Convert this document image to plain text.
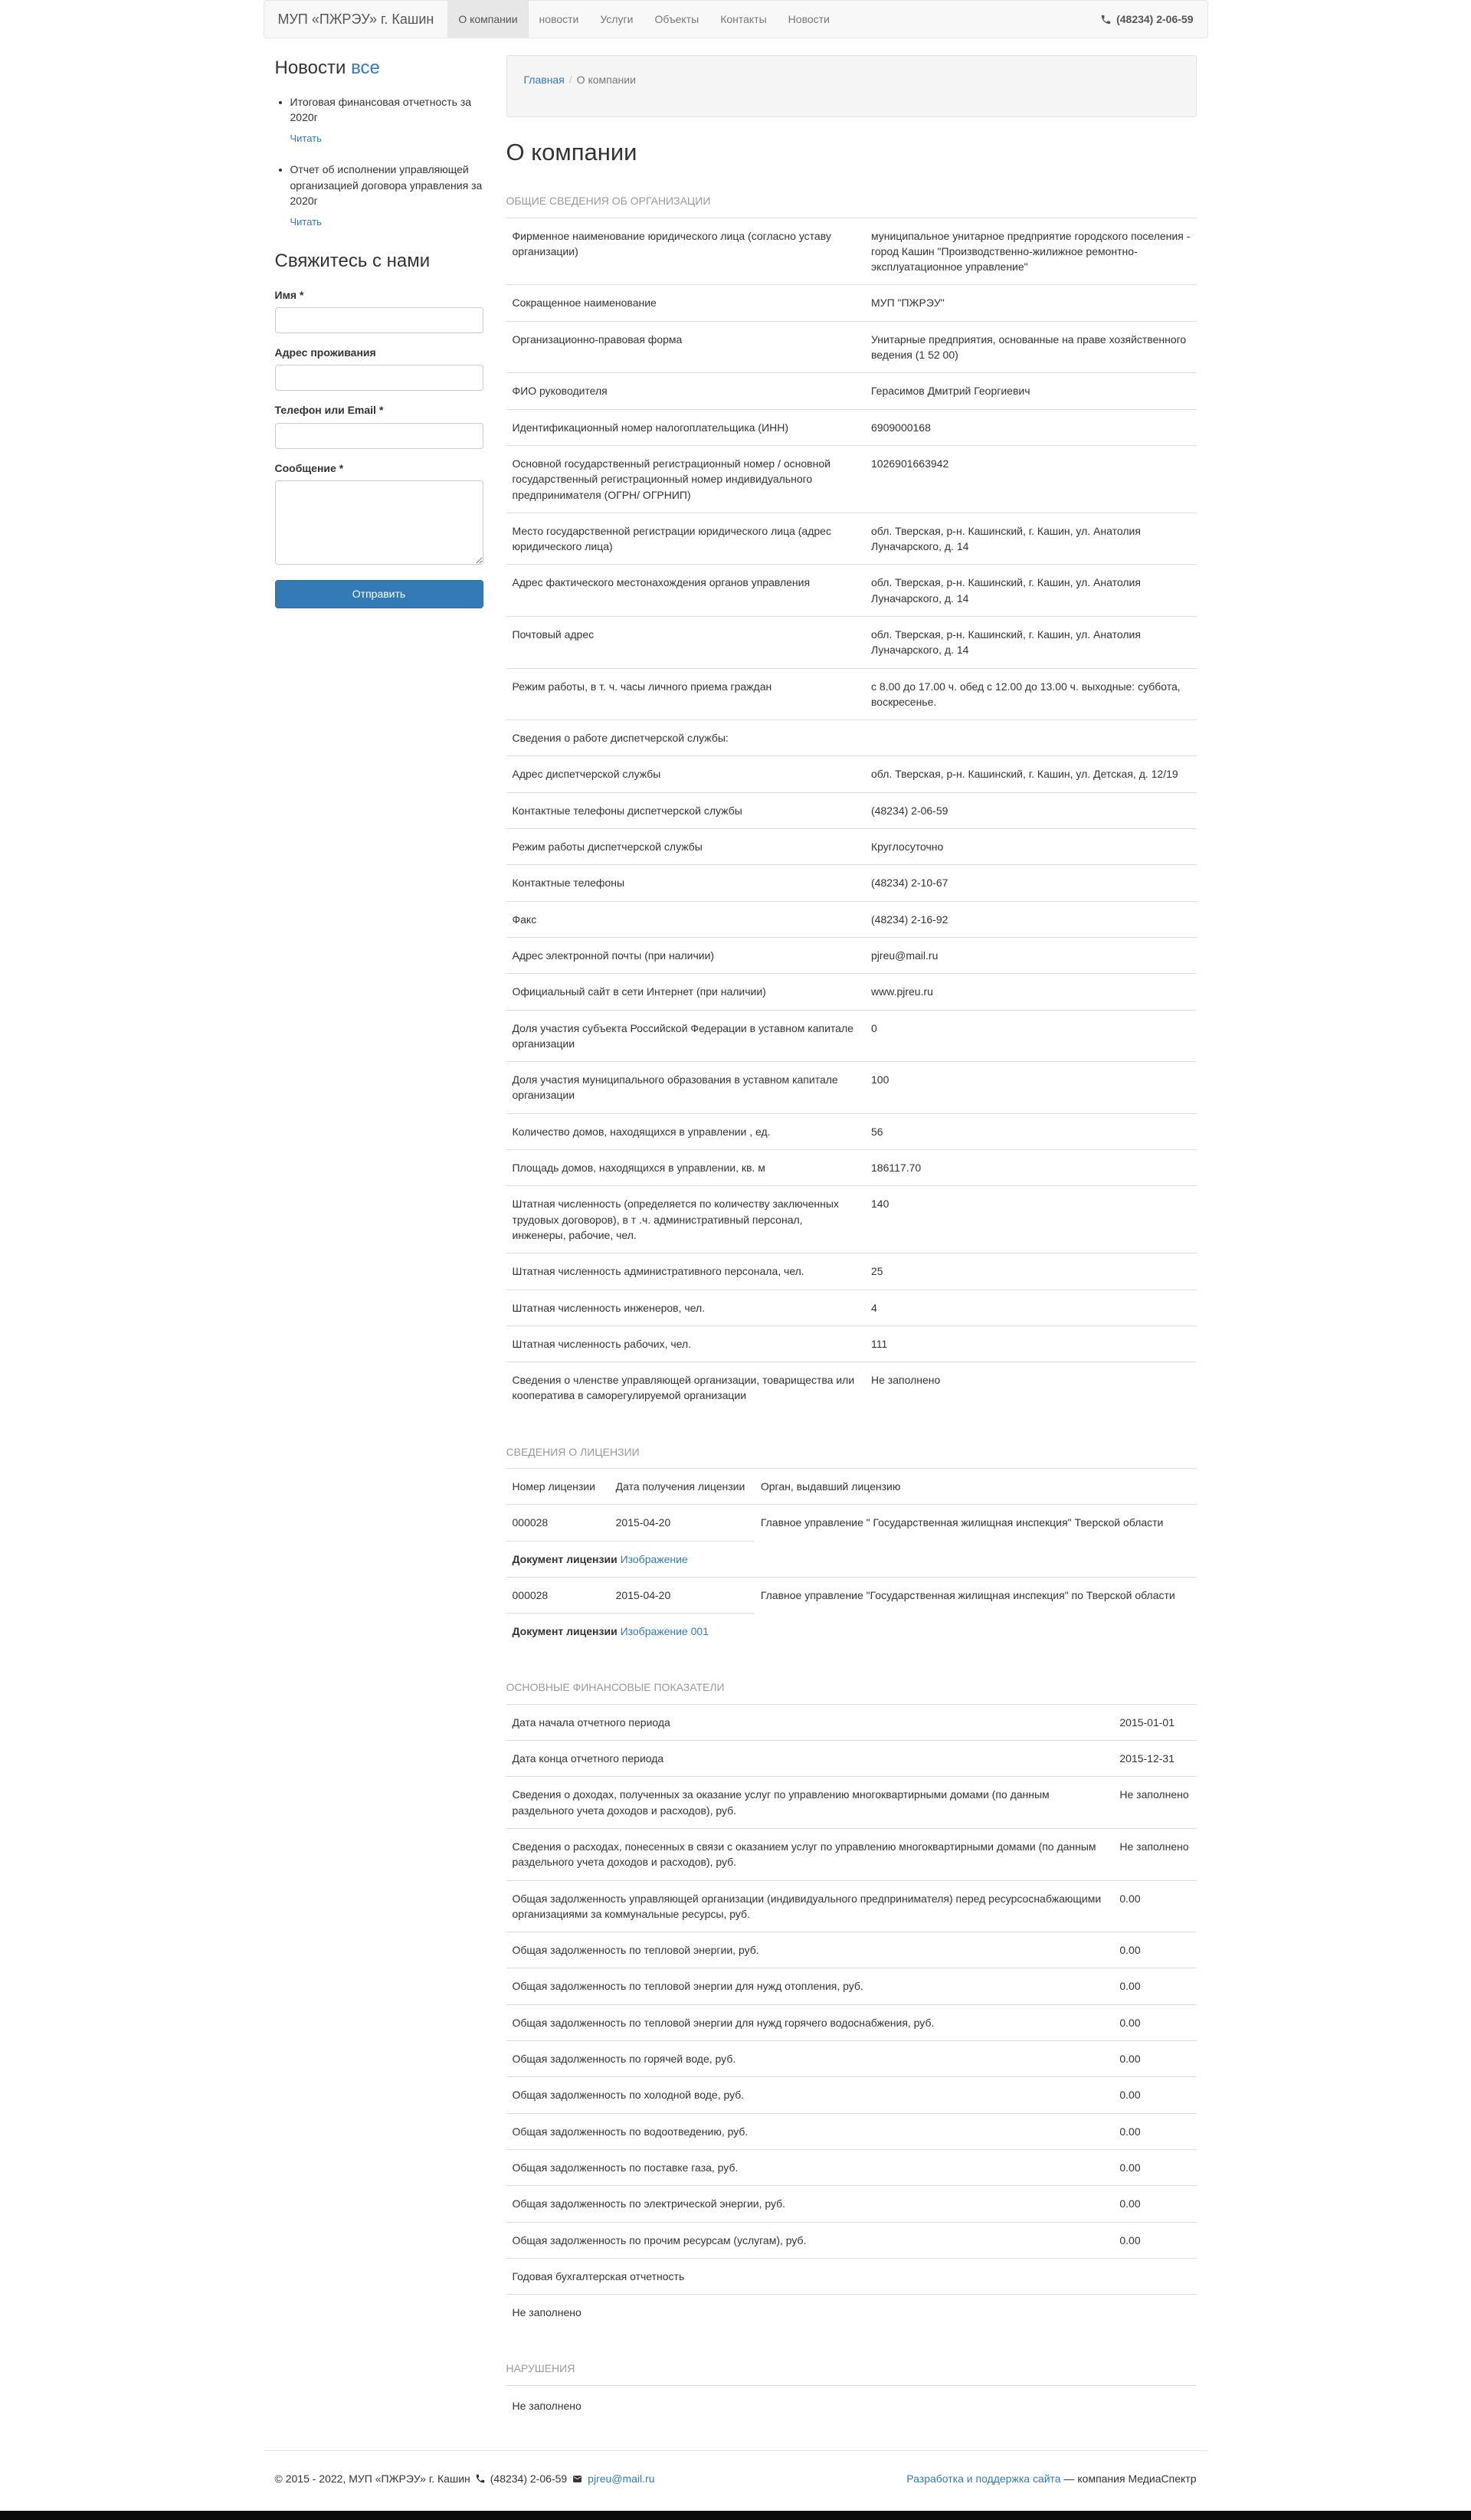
МУП «ПЖРЭУ» г. Кашин	О компании	новости	Услуги	Объекты	Контакты	Новости	(48234) 2-06-59
Новости все

• Итоговая финансовая отчетность за 2020г

Читать

• Отчет об исполнении управляющей организацией договора управления за 2020г

Читать
Свяжитесь с нами
Имя *
Адрес проживания
Телефон или Email *
Сообщение *
Отправить
Главная / О компании
О компании
ОБЩИЕ СВЕДЕНИЯ ОБ ОРГАНИЗАЦИИ
Фирменное наименование юридического лица (согласно уставу организации)	муниципальное унитарное предприятие городского поселения - город Кашин "Производственно-жилижное ремонтно-эксплуатационное управление"
Сокращенное наименование	МУП "ПЖРЭУ"
Организационно-правовая форма	Унитарные предприятия, основанные на праве хозяйственного ведения (1 52 00)
ФИО руководителя	Герасимов Дмитрий Георгиевич
Идентификационный номер налогоплательщика (ИНН)	6909000168
Основной государственный регистрационный номер / основной государственный регистрационный номер индивидуального предпринимателя (ОГРН/ ОГРНИП)	1026901663942
Место государственной регистрации юридического лица (адрес юридического лица)	обл. Тверская, р-н. Кашинский, г. Кашин, ул. Анатолия Луначарского, д. 14
Адрес фактического местонахождения органов управления	обл. Тверская, р-н. Кашинский, г. Кашин, ул. Анатолия Луначарского, д. 14
Почтовый адрес	обл. Тверская, р-н. Кашинский, г. Кашин, ул. Анатолия Луначарского, д. 14
Режим работы, в т. ч. часы личного приема граждан	с 8.00 до 17.00 ч. обед с 12.00 до 13.00 ч. выходные: суббота, воскресенье.
Сведения о работе диспетчерской службы:	
Адрес диспетчерской службы	обл. Тверская, р-н. Кашинский, г. Кашин, ул. Детская, д. 12/19
Контактные телефоны диспетчерской службы	(48234) 2-06-59
Режим работы диспетчерской службы	Круглосуточно
Контактные телефоны	(48234) 2-10-67
Факс	(48234) 2-16-92
Адрес электронной почты (при наличии)	pjreu@mail.ru
Официальный сайт в сети Интернет (при наличии)	www.pjreu.ru
Доля участия субъекта Российской Федерации в уставном капитале организации	0
Доля участия муниципального образования в уставном капитале организации	100
Количество домов, находящихся в управлении , ед.	56
Площадь домов, находящихся в управлении, кв. м	186117.70
Штатная численность (определяется по количеству заключенных трудовых договоров), в т .ч. административный персонал, инженеры, рабочие, чел.	140
Штатная численность административного персонала, чел.	25
Штатная численность инженеров, чел.	4
Штатная численность рабочих, чел.	111
Сведения о членстве управляющей организации, товарищества или кооператива в саморегулируемой организации	Не заполнено
СВЕДЕНИЯ О ЛИЦЕНЗИИ
Номер лицензии	Дата получения лицензии	Орган, выдавший лицензию
000028	2015-04-20	Главное управление " Государственная жилищная инспекция" Тверской области
Документ лицензии Изображение		
000028	2015-04-20	Главное управление "Государственная жилищная инспекция" по Тверской области
Документ лицензии Изображение 001		
ОСНОВНЫЕ ФИНАНСОВЫЕ ПОКАЗАТЕЛИ
Дата начала отчетного периода	2015-01-01
Дата конца отчетного периода	2015-12-31
Сведения о доходах, полученных за оказание услуг по управлению многоквартирными домами (по данным раздельного учета доходов и расходов), руб.	Не заполнено
Сведения о расходах, понесенных в связи с оказанием услуг по управлению многоквартирными домами (по данным раздельного учета доходов и расходов), руб.	Не заполнено
Общая задолженность управляющей организации (индивидуального предпринимателя) перед ресурсоснабжающими организациями за коммунальные ресурсы, руб.	0.00
Общая задолженность по тепловой энергии, руб.	0.00
Общая задолженность по тепловой энергии для нужд отопления, руб.	0.00
Общая задолженность по тепловой энергии для нужд горячего водоснабжения, руб.	0.00
Общая задолженность по горячей воде, руб.	0.00
Общая задолженность по холодной воде, руб.	0.00
Общая задолженность по водоотведению, руб.	0.00
Общая задолженность по поставке газа, руб.	0.00
Общая задолженность по электрической энергии, руб.	0.00
Общая задолженность по прочим ресурсам (услугам), руб.	0.00
Годовая бухгалтерская отчетность	
Не заполнено	
НАРУШЕНИЯ

Не заполнено

© 2015 - 2022, МУП «ПЖРЭУ» г. Кашин (48234) 2-06-59 pjreu@mail.ru	Разработка и поддержка сайта — компания МедиаСпектр
